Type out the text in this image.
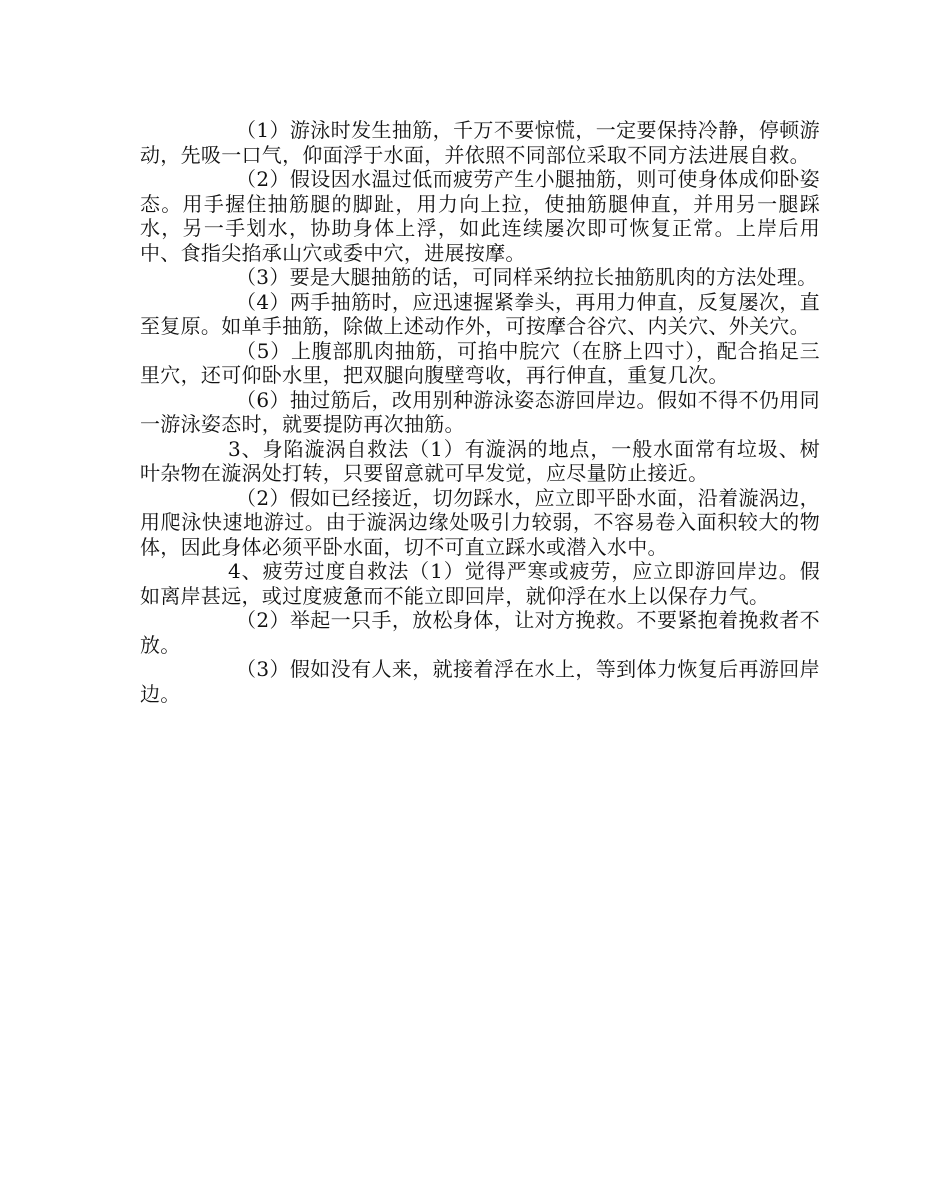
（1）游泳时发生抽筋，千万不要惊慌，一定要保持冷静，停顿游动，先吸一口气，仰面浮于水面，并依照不同部位采取不同方法进展自救。

（2）假设因水温过低而疲劳产生小腿抽筋，则可使身体成仰卧姿态。用手握住抽筋腿的脚趾，用力向上拉，使抽筋腿伸直，并用另一腿踩水，另一手划水，协助身体上浮，如此连续屡次即可恢复正常。上岸后用中、食指尖掐承山穴或委中穴，进展按摩。

（3）要是大腿抽筋的话，可同样采纳拉长抽筋肌肉的方法处理。

（4）两手抽筋时，应迅速握紧拳头，再用力伸直，反复屡次，直至复原。如单手抽筋，除做上述动作外，可按摩合谷穴、内关穴、外关穴。

（5）上腹部肌肉抽筋，可掐中脘穴（在脐上四寸），配合掐足三里穴，还可仰卧水里，把双腿向腹壁弯收，再行伸直，重复几次。

（6）抽过筋后，改用别种游泳姿态游回岸边。假如不得不仍用同一游泳姿态时，就要提防再次抽筋。

3、身陷漩涡自救法（1）有漩涡的地点，一般水面常有垃圾、树叶杂物在漩涡处打转，只要留意就可早发觉，应尽量防止接近。

（2）假如已经接近，切勿踩水，应立即平卧水面，沿着漩涡边，用爬泳快速地游过。由于漩涡边缘处吸引力较弱，不容易卷入面积较大的物体，因此身体必须平卧水面，切不可直立踩水或潜入水中。

4、疲劳过度自救法（1）觉得严寒或疲劳，应立即游回岸边。假如离岸甚远，或过度疲惫而不能立即回岸，就仰浮在水上以保存力气。

（2）举起一只手，放松身体，让对方挽救。不要紧抱着挽救者不放。

（3）假如没有人来，就接着浮在水上，等到体力恢复后再游回岸边。
